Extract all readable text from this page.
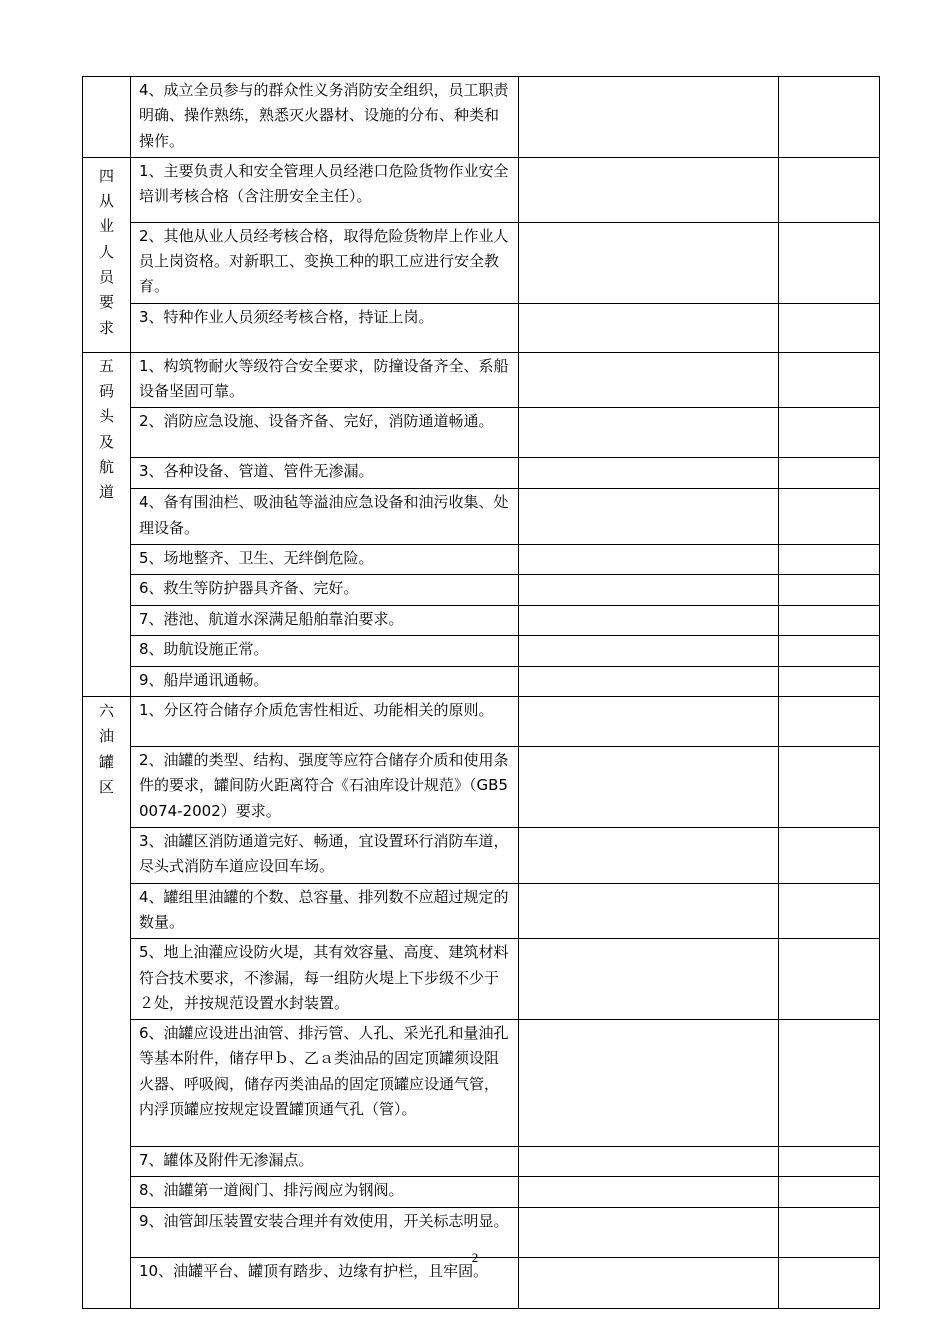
	4、成立全员参与的群众性义务消防安全组织，员工职责明确、操作熟练，熟悉灭火器材、设施的分布、种类和操作。		
四从业人员要求	1、主要负责人和安全管理人员经港口危险货物作业安全培训考核合格（含注册安全主任）。		
	2、其他从业人员经考核合格，取得危险货物岸上作业人员上岗资格。对新职工、变换工种的职工应进行安全教育。		
	3、特种作业人员须经考核合格，持证上岗。		
五码头及航道	1、构筑物耐火等级符合安全要求，防撞设备齐全、系船设备坚固可靠。		
	2、消防应急设施、设备齐备、完好，消防通道畅通。		
	3、各种设备、管道、管件无渗漏。		
	4、备有围油栏、吸油毡等溢油应急设备和油污收集、处理设备。		
	5、场地整齐、卫生、无绊倒危险。		
	6、救生等防护器具齐备、完好。		
	7、港池、航道水深满足船舶靠泊要求。		
	8、助航设施正常。		
	9、船岸通讯通畅。		
六油罐区	1、分区符合储存介质危害性相近、功能相关的原则。		
	2、油罐的类型、结构、强度等应符合储存介质和使用条件的要求，罐间防火距离符合《石油库设计规范》（GB50074-2002）要求。		
	3、油罐区消防通道完好、畅通，宜设置环行消防车道，尽头式消防车道应设回车场。		
	4、罐组里油罐的个数、总容量、排列数不应超过规定的数量。		
	5、地上油灌应设防火堤，其有效容量、高度、建筑材料符合技术要求，不渗漏，每一组防火堤上下步级不少于２处，并按规范设置水封装置。		
	6、油罐应设进出油管、排污管、人孔、采光孔和量油孔等基本附件，储存甲ｂ、乙ａ类油品的固定顶罐须设阻火器、呼吸阀，储存丙类油品的固定顶罐应设通气管，内浮顶罐应按规定设置罐顶通气孔（管）。		
	7、罐体及附件无渗漏点。		
	8、油罐第一道阀门、排污阀应为钢阀。		
	9、油管卸压装置安装合理并有效使用，开关标志明显。		
	10、油罐平台、罐顶有踏步、边缘有护栏，且牢固。		
2
